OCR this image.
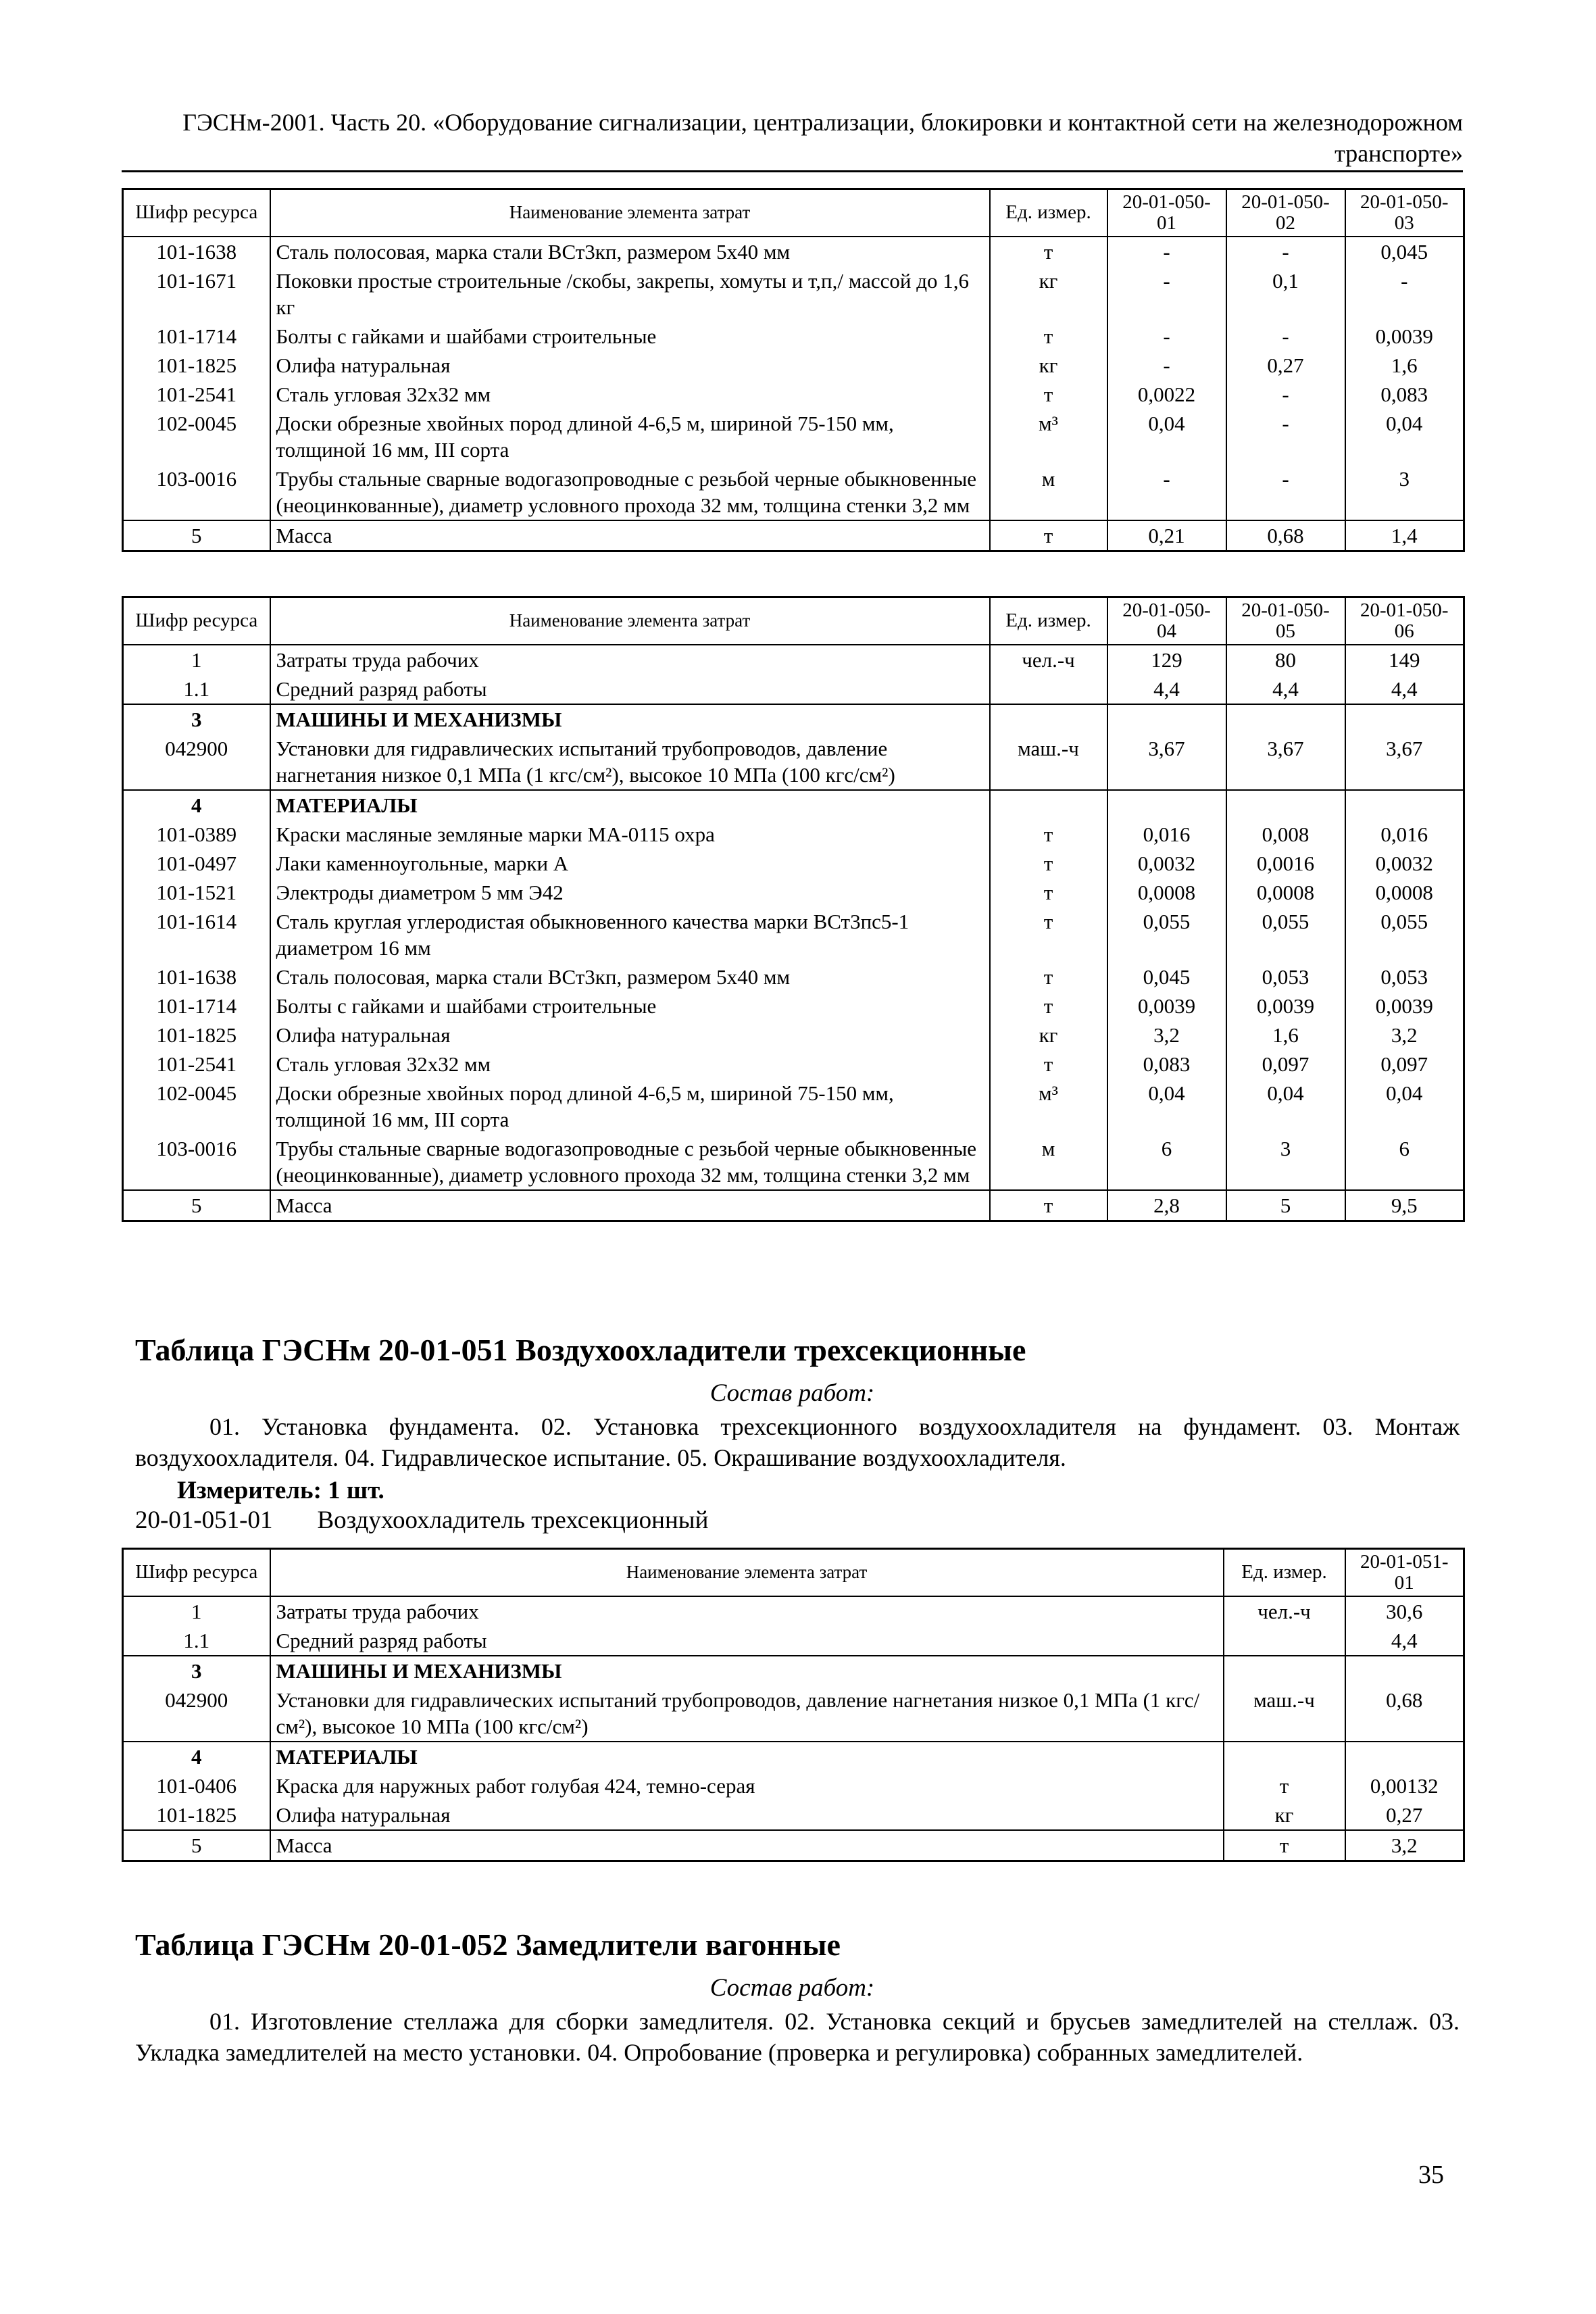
ГЭСНм-2001. Часть 20. «Оборудование сигнализации, централизации, блокировки и контактной сети на железнодорожном транспорте»
Шифр ресурса	Наименование элемента затрат	Ед. измер.	20-01-050-01	20-01-050-02	20-01-050-03
101-1638	Сталь полосовая, марка стали ВСт3кп, размером 5х40 мм	т	-	-	0,045
101-1671	Поковки простые строительные /скобы, закрепы, хомуты и т,п,/ массой до 1,6 кг	кг	-	0,1	-
101-1714	Болты с гайками и шайбами строительные	т	-	-	0,0039
101-1825	Олифа натуральная	кг	-	0,27	1,6
101-2541	Сталь угловая 32х32 мм	т	0,0022	-	0,083
102-0045	Доски обрезные хвойных пород длиной 4-6,5 м, шириной 75-150 мм, толщиной 16 мм, III сорта	м³	0,04	-	0,04
103-0016	Трубы стальные сварные водогазопроводные с резьбой черные обыкновенные (неоцинкованные), диаметр условного прохода 32 мм, толщина стенки 3,2 мм	м	-	-	3
5	Масса	т	0,21	0,68	1,4
Шифр ресурса	Наименование элемента затрат	Ед. измер.	20-01-050-04	20-01-050-05	20-01-050-06
1	Затраты труда рабочих	чел.-ч	129	80	149
1.1	Средний разряд работы		4,4	4,4	4,4
3	МАШИНЫ И МЕХАНИЗМЫ				
042900	Установки для гидравлических испытаний трубопроводов, давление нагнетания низкое 0,1 МПа (1 кгс/см²), высокое 10 МПа (100 кгс/см²)	маш.-ч	3,67	3,67	3,67
4	МАТЕРИАЛЫ				
101-0389	Краски масляные земляные марки МА-0115 охра	т	0,016	0,008	0,016
101-0497	Лаки каменноугольные, марки А	т	0,0032	0,0016	0,0032
101-1521	Электроды диаметром 5 мм Э42	т	0,0008	0,0008	0,0008
101-1614	Сталь круглая углеродистая обыкновенного качества марки ВСт3пс5-1 диаметром 16 мм	т	0,055	0,055	0,055
101-1638	Сталь полосовая, марка стали ВСт3кп, размером 5х40 мм	т	0,045	0,053	0,053
101-1714	Болты с гайками и шайбами строительные	т	0,0039	0,0039	0,0039
101-1825	Олифа натуральная	кг	3,2	1,6	3,2
101-2541	Сталь угловая 32х32 мм	т	0,083	0,097	0,097
102-0045	Доски обрезные хвойных пород длиной 4-6,5 м, шириной 75-150 мм, толщиной 16 мм, III сорта	м³	0,04	0,04	0,04
103-0016	Трубы стальные сварные водогазопроводные с резьбой черные обыкновенные (неоцинкованные), диаметр условного прохода 32 мм, толщина стенки 3,2 мм	м	6	3	6
5	Масса	т	2,8	5	9,5
Таблица ГЭСНм 20-01-051 Воздухоохладители трехсекционные
Состав работ:
01. Установка фундамента. 02. Установка трехсекционного воздухоохладителя на фундамент. 03. Монтаж воздухоохладителя. 04. Гидравлическое испытание. 05. Окрашивание воздухоохладителя.
Измеритель: 1 шт.
20-01-051-01 Воздухоохладитель трехсекционный
Шифр ресурса	Наименование элемента затрат	Ед. измер.	20-01-051-01
1	Затраты труда рабочих	чел.-ч	30,6
1.1	Средний разряд работы		4,4
3	МАШИНЫ И МЕХАНИЗМЫ		
042900	Установки для гидравлических испытаний трубопроводов, давление нагнетания низкое 0,1 МПа (1 кгс/см²), высокое 10 МПа (100 кгс/см²)	маш.-ч	0,68
4	МАТЕРИАЛЫ		
101-0406	Краска для наружных работ голубая 424, темно-серая	т	0,00132
101-1825	Олифа натуральная	кг	0,27
5	Масса	т	3,2
Таблица ГЭСНм 20-01-052 Замедлители вагонные
Состав работ:
01. Изготовление стеллажа для сборки замедлителя. 02. Установка секций и брусьев замедлителей на стеллаж. 03. Укладка замедлителей на место установки. 04. Опробование (проверка и регулировка) собранных замедлителей.
35
